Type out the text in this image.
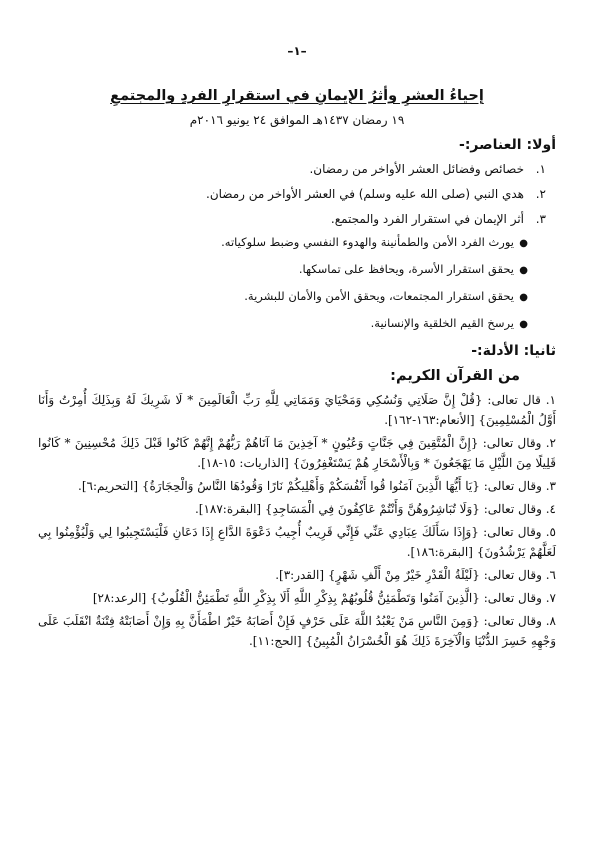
–١–
إحياءُ العشرِ وأثرُ الإيمانِ في استقرارِ الفردِ والمجتمعِ
١٩ رمضان ١٤٣٧هـ الموافق ٢٤ يونيو ٢٠١٦م
أولا: العناصر:-
١.خصائص وفضائل العشر الأواخر من رمضان.
٢.هدي النبي (صلى الله عليه وسلم) في العشر الأواخر من رمضان.
٣.أثر الإيمان في استقرار الفرد والمجتمع.
●يورث الفرد الأمن والطمأنينة والهدوء النفسي وضبط سلوكياته.
●يحقق استقرار الأسرة، ويحافظ على تماسكها.
●يحقق استقرار المجتمعات، ويحقق الأمن والأمان للبشرية.
●يرسخ القيم الخلقية والإنسانية.
ثانيا: الأدلة:-
من القرآن الكريم:
١. قال تعالى: {قُلْ إِنَّ صَلَاتِي وَنُسُكِي وَمَحْيَايَ وَمَمَاتِي لِلَّهِ رَبِّ الْعَالَمِينَ * لَا شَرِيكَ لَهُ وَبِذَلِكَ أُمِرْتُ وَأَنَا أَوَّلُ الْمُسْلِمِينَ} [الأنعام:١٦٣-١٦٢].
٢. وقال تعالى: {إِنَّ الْمُتَّقِينَ فِي جَنَّاتٍ وَعُيُونٍ * آخِذِينَ مَا آتَاهُمْ رَبُّهُمْ إِنَّهُمْ كَانُوا قَبْلَ ذَلِكَ مُحْسِنِينَ * كَانُوا قَلِيلًا مِنَ اللَّيْلِ مَا يَهْجَعُونَ * وَبِالْأَسْحَارِ هُمْ يَسْتَغْفِرُونَ} [الذاريات: ١٥-١٨].
٣. وقال تعالى: {يَا أَيُّهَا الَّذِينَ آمَنُوا قُوا أَنْفُسَكُمْ وَأَهْلِيكُمْ نَارًا وَقُودُهَا النَّاسُ وَالْحِجَارَةُ} [التحريم:٦].
٤. وقال تعالى: {وَلَا تُبَاشِرُوهُنَّ وَأَنْتُمْ عَاكِفُونَ فِي الْمَسَاجِدِ} [البقرة:١٨٧].
٥. وقال تعالى: {وَإِذَا سَأَلَكَ عِبَادِي عَنِّي فَإِنِّي قَرِيبٌ أُجِيبُ دَعْوَةَ الدَّاعِ إِذَا دَعَانِ فَلْيَسْتَجِيبُوا لِي وَلْيُؤْمِنُوا بِي لَعَلَّهُمْ يَرْشُدُونَ} [البقرة:١٨٦].
٦. وقال تعالى: {لَيْلَةُ الْقَدْرِ خَيْرٌ مِنْ أَلْفِ شَهْرٍ} [القدر:٣].
٧. وقال تعالى: {الَّذِينَ آمَنُوا وَتَطْمَئِنُّ قُلُوبُهُمْ بِذِكْرِ اللَّهِ أَلَا بِذِكْرِ اللَّهِ تَطْمَئِنُّ الْقُلُوبُ} [الرعد:٢٨]
٨. وقال تعالى: {وَمِنَ النَّاسِ مَنْ يَعْبُدُ اللَّهَ عَلَى حَرْفٍ فَإِنْ أَصَابَهُ خَيْرٌ اطْمَأَنَّ بِهِ وَإِنْ أَصَابَتْهُ فِتْنَةٌ انْقَلَبَ عَلَى وَجْهِهِ خَسِرَ الدُّنْيَا وَالْآخِرَةَ ذَلِكَ هُوَ الْخُسْرَانُ الْمُبِينُ} [الحج:١١].
